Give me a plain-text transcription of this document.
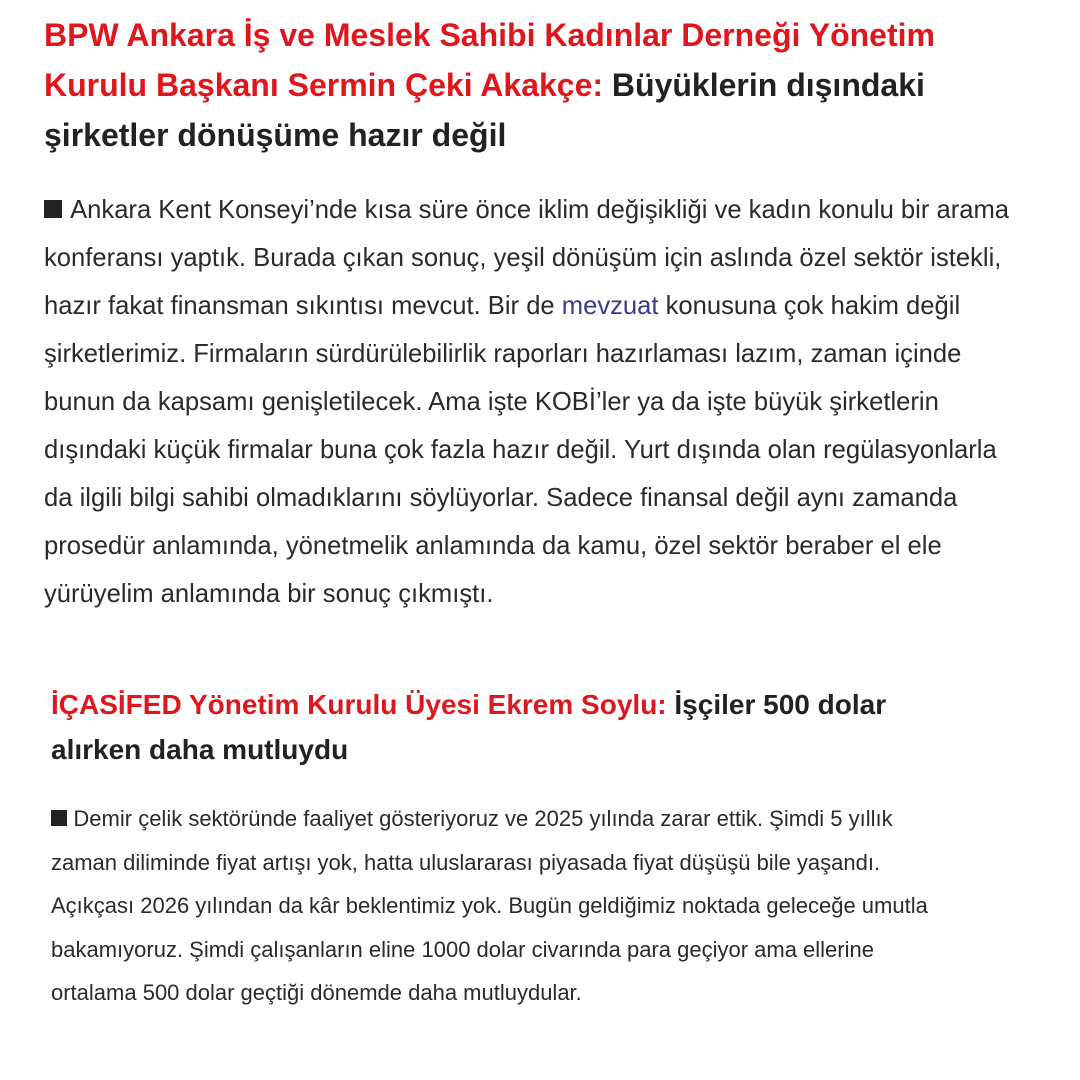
BPW Ankara İş ve Meslek Sahibi Kadınlar Derneği Yönetim Kurulu Başkanı Sermin Çeki Akakçe: Büyüklerin dışındaki şirketler dönüşüme hazır değil

Ankara Kent Konseyi’nde kısa süre önce iklim değişikliği ve kadın konulu bir arama konferansı yaptık. Burada çıkan sonuç, yeşil dönüşüm için aslında özel sektör istekli, hazır fakat finansman sıkıntısı mevcut. Bir de mevzuat konusuna çok hakim değil şirketlerimiz. Firmaların sürdürülebilirlik raporları hazırlaması lazım, zaman içinde bunun da kapsamı genişletilecek. Ama işte KOBİ’ler ya da işte büyük şirketlerin dışındaki küçük firmalar buna çok fazla hazır değil. Yurt dışında olan regülasyonlarla da ilgili bilgi sahibi olmadıklarını söylüyorlar. Sadece finansal değil aynı zamanda prosedür anlamında, yönetmelik anlamında da kamu, özel sektör beraber el ele yürüyelim anlamında bir sonuç çıkmıştı.

İÇASİFED Yönetim Kurulu Üyesi Ekrem Soylu: İşçiler 500 dolar alırken daha mutluydu

Demir çelik sektöründe faaliyet gösteriyoruz ve 2025 yılında zarar ettik. Şimdi 5 yıllık zaman diliminde fiyat artışı yok, hatta uluslararası piyasada fiyat düşüşü bile yaşandı. Açıkçası 2026 yılından da kâr beklentimiz yok. Bugün geldiğimiz noktada geleceğe umutla bakamıyoruz. Şimdi çalışanların eline 1000 dolar civarında para geçiyor ama ellerine ortalama 500 dolar geçtiği dönemde daha mutluydular.
